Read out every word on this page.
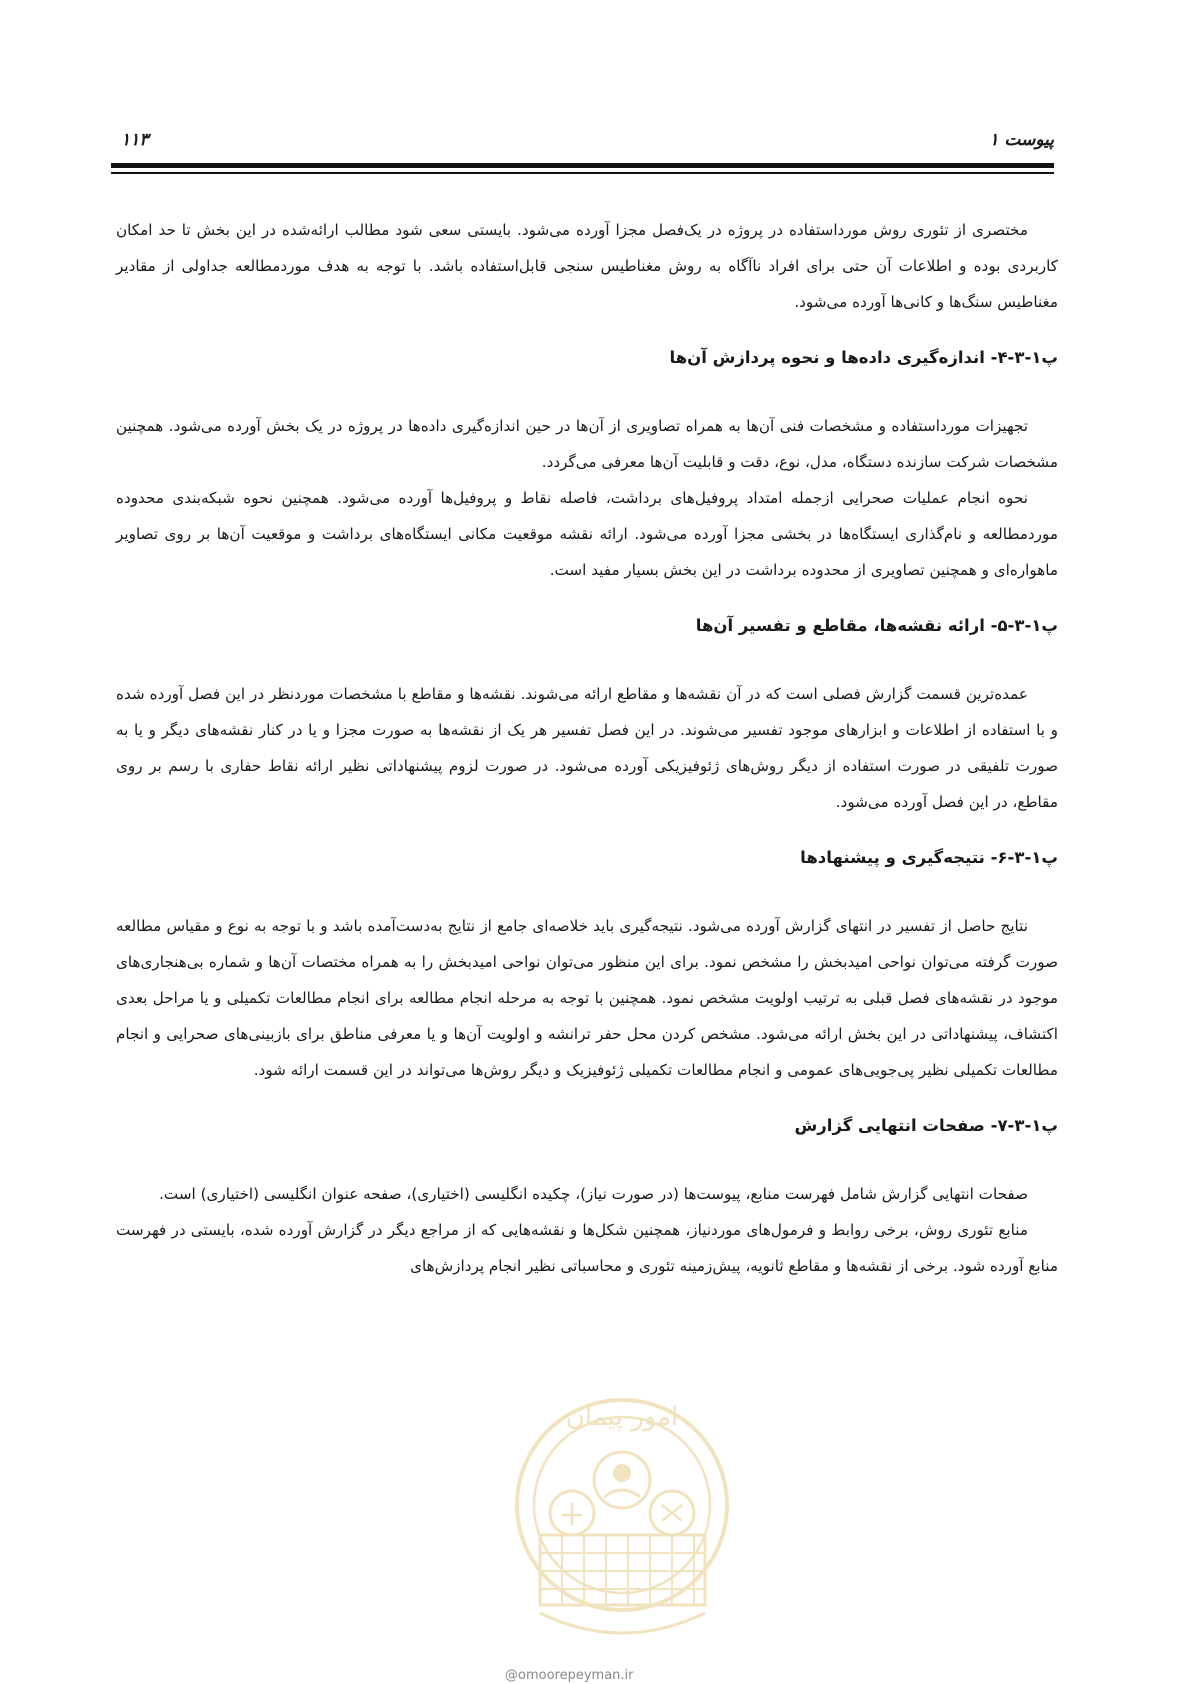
پیوست ۱
۱۱۳

مختصری از تئوری روش مورداستفاده در پروژه در یک‌فصل مجزا آورده می‌شود. بایستی سعی شود مطالب ارائه‌شده در این بخش تا حد امکان کاربردی بوده و اطلاعات آن حتی برای افراد ناآگاه به روش مغناطیس سنجی قابل‌استفاده باشد. با توجه به هدف موردمطالعه جداولی از مقادیر مغناطیس سنگ‌ها و کانی‌ها آورده می‌شود.

پ۱-۳-۴- اندازه‌گیری داده‌ها و نحوه پردازش آن‌ها

تجهیزات مورداستفاده و مشخصات فنی آن‌ها به همراه تصاویری از آن‌ها در حین اندازه‌گیری داده‌ها در پروژه در یک بخش آورده می‌شود. همچنین مشخصات شرکت سازنده دستگاه، مدل، نوع، دقت و قابلیت آن‌ها معرفی می‌گردد.

نحوه انجام عملیات صحرایی ازجمله امتداد پروفیل‌های برداشت، فاصله نقاط و پروفیل‌ها آورده می‌شود. همچنین نحوه شبکه‌بندی محدوده موردمطالعه و نام‌گذاری ایستگاه‌ها در بخشی مجزا آورده می‌شود. ارائه نقشه موقعیت مکانی ایستگاه‌های برداشت و موقعیت آن‌ها بر روی تصاویر ماهواره‌ای و همچنین تصاویری از محدوده برداشت در این بخش بسیار مفید است.

پ۱-۳-۵- ارائه نقشه‌ها، مقاطع و تفسیر آن‌ها

عمده‌ترین قسمت گزارش فصلی است که در آن نقشه‌ها و مقاطع ارائه می‌شوند. نقشه‌ها و مقاطع با مشخصات موردنظر در این فصل آورده شده و با استفاده از اطلاعات و ابزارهای موجود تفسیر می‌شوند. در این فصل تفسیر هر یک از نقشه‌ها به صورت مجزا و یا در کنار نقشه‌های دیگر و یا به صورت تلفیقی در صورت استفاده از دیگر روش‌های ژئوفیزیکی آورده می‌شود. در صورت لزوم پیشنهاداتی نظیر ارائه نقاط حفاری با رسم بر روی مقاطع، در این فصل آورده می‌شود.

پ۱-۳-۶- نتیجه‌گیری و پیشنهادها

نتایج حاصل از تفسیر در انتهای گزارش آورده می‌شود. نتیجه‌گیری باید خلاصه‌ای جامع از نتایج به‌دست‌آمده باشد و با توجه به نوع و مقیاس مطالعه صورت گرفته می‌توان نواحی امیدبخش را مشخص نمود. برای این منظور می‌توان نواحی امیدبخش را به همراه مختصات آن‌ها و شماره بی‌هنجاری‌های موجود در نقشه‌های فصل قبلی به ترتیب اولویت مشخص نمود. همچنین با توجه به مرحله انجام مطالعه برای انجام مطالعات تکمیلی و یا مراحل بعدی اکتشاف، پیشنهاداتی در این بخش ارائه می‌شود. مشخص کردن محل حفر ترانشه و اولویت آن‌ها و یا معرفی مناطق برای بازبینی‌های صحرایی و انجام مطالعات تکمیلی نظیر پی‌جویی‌های عمومی و انجام مطالعات تکمیلی ژئوفیزیک و دیگر روش‌ها می‌تواند در این قسمت ارائه شود.

پ۱-۳-۷- صفحات انتهایی گزارش

صفحات انتهایی گزارش شامل فهرست منابع، پیوست‌ها (در صورت نیاز)، چکیده انگلیسی (اختیاری)، صفحه عنوان انگلیسی (اختیاری) است.

منابع تئوری روش، برخی روابط و فرمول‌های موردنیاز، همچنین شکل‌ها و نقشه‌هایی که از مراجع دیگر در گزارش آورده شده، بایستی در فهرست منابع آورده شود. برخی از نقشه‌ها و مقاطع ثانویه، پیش‌زمینه تئوری و محاسباتی نظیر انجام پردازش‌های

امور پیمان
@omoorepeyman.ir
